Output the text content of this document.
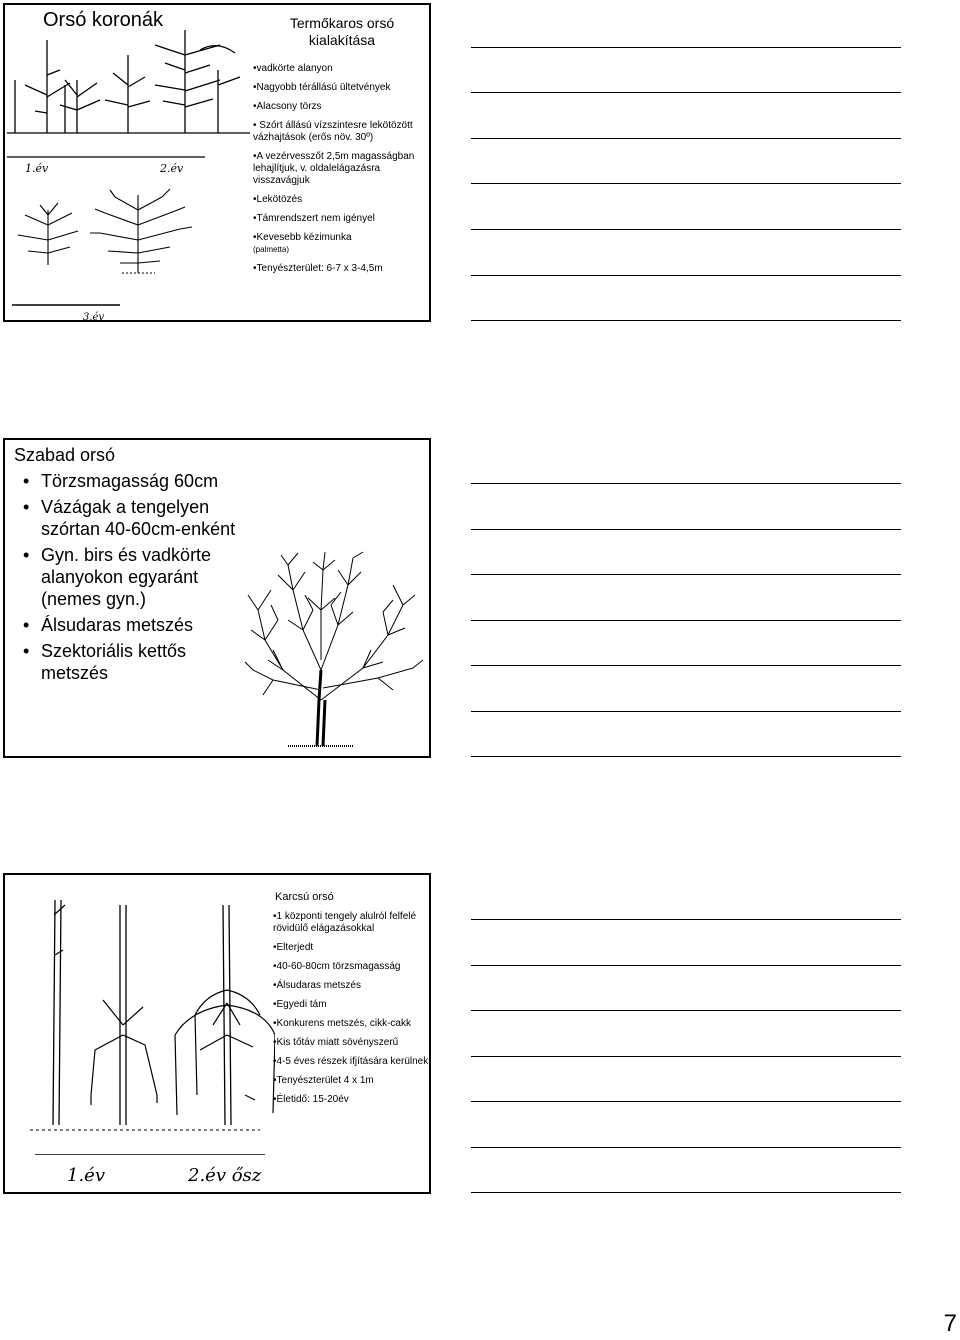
Orsó koronák	Termőkaros orsó kialakítása
•vadkörte alanyon
•Nagyobb térállású ültetvények
•Alacsony törzs
• Szórt állású vízszintesre lekötözött vázhajtások (erős növ. 30º)
•A vezérvesszőt 2,5m magasságban lehajlítjuk, v. oldalelágazásra visszavágjuk
•Lekötözés
•Támrendszert nem igényel
•Kevesebb kézimunka
(palmetta)
•Tenyészterület: 6-7 x 3-4,5m
1.év	2.év
3.év
Szabad orsó
• Törzsmagasság 60cm
• Vázágak a tengelyen szórtan 40-60cm-enként
• Gyn. birs és vadkörte alanyokon egyaránt (nemes gyn.)
• Álsudaras metszés
• Szektoriális kettős metszés
Karcsú orsó
•1 központi tengely alulról felfelé rövidülő elágazásokkal
•Elterjedt
•40-60-80cm törzsmagasság
•Álsudaras metszés
•Egyedi tám
•Konkurens metszés, cikk-cakk
•Kis tőtáv miatt sövényszerű
•4-5 éves részek ifjítására kerülnek
•Tenyészterület 4 x 1m
•Életidő: 15-20év
1.év	2.év ősz
7
